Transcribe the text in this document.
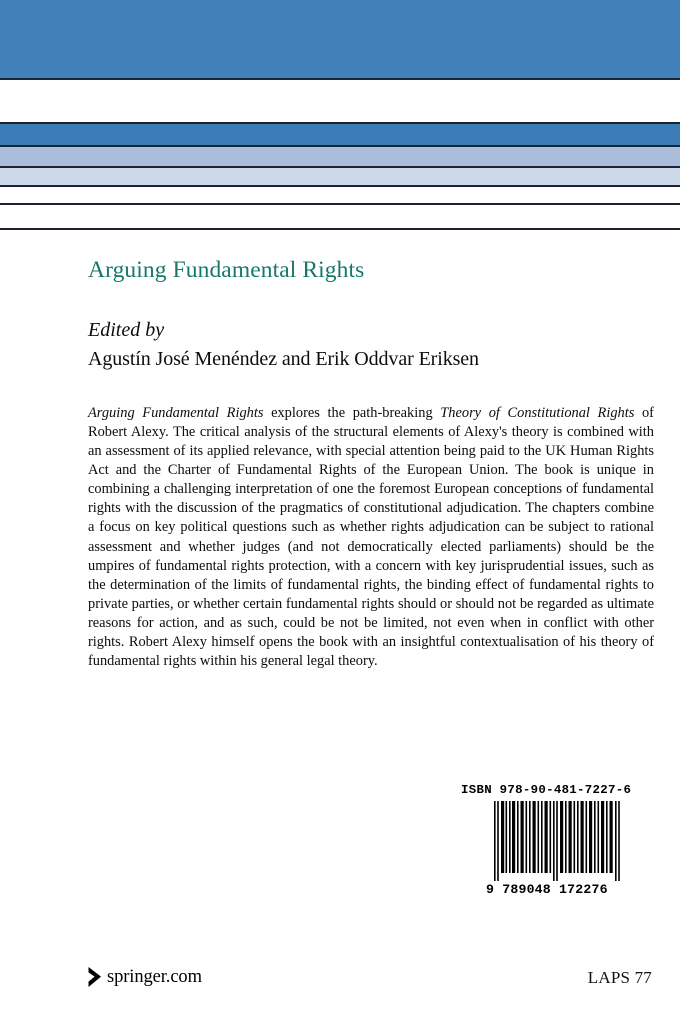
Arguing Fundamental Rights
Edited by
Agustín José Menéndez and Erik Oddvar Eriksen

Arguing Fundamental Rights explores the path-breaking Theory of Constitutional Rights of Robert Alexy. The critical analysis of the structural elements of Alexy's theory is combined with an assessment of its applied relevance, with special attention being paid to the UK Human Rights Act and the Charter of Fundamental Rights of the European Union. The book is unique in combining a challenging interpretation of one the foremost European conceptions of fundamental rights with the discussion of the pragmatics of constitutional adjudication. The chapters combine a focus on key political questions such as whether rights adjudication can be subject to rational assessment and whether judges (and not democratically elected parliaments) should be the umpires of fundamental rights protection, with a concern with key jurisprudential issues, such as the determination of the limits of fundamental rights, the binding effect of fundamental rights to private parties, or whether certain fundamental rights should or should not be regarded as ultimate reasons for action, and as such, could be not be limited, not even when in conflict with other rights. Robert Alexy himself opens the book with an insightful contextualisation of his theory of fundamental rights within his general legal theory.

ISBN 978-90-481-7227-6
9 789048 172276
springer.com	LAPS 77
